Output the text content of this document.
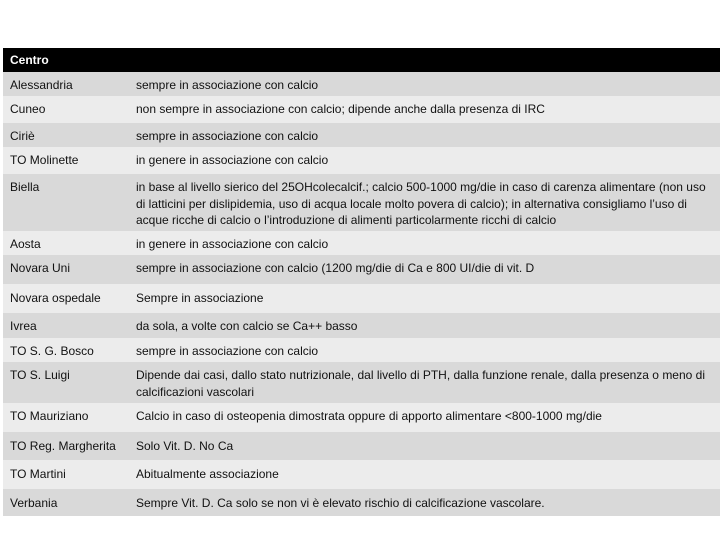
Centro
Alessandria	sempre in associazione con calcio
Cuneo	non sempre in associazione con calcio; dipende anche dalla presenza di IRC
Ciriè	sempre in associazione con calcio
TO Molinette	in genere in associazione con calcio
Biella	in base al livello sierico del 25OHcolecalcif.; calcio 500-1000 mg/die in caso di carenza alimentare (non uso di latticini per dislipidemia, uso di acqua locale molto povera di calcio); in alternativa consigliamo l’uso di acque ricche di calcio o l’introduzione di alimenti particolarmente ricchi di calcio
Aosta	in genere in associazione con calcio
Novara Uni	sempre in associazione con calcio (1200 mg/die di Ca e 800 UI/die di vit. D
Novara ospedale	Sempre in associazione
Ivrea	da sola, a volte con calcio se Ca++ basso
TO S. G. Bosco	sempre in associazione con calcio
TO S. Luigi	Dipende dai casi, dallo stato nutrizionale, dal livello di PTH, dalla funzione renale, dalla presenza o meno di calcificazioni vascolari
TO Mauriziano	Calcio in caso di osteopenia dimostrata oppure di apporto alimentare <800-1000 mg/die
TO Reg. Margherita	Solo Vit. D. No Ca
TO Martini	Abitualmente associazione
Verbania	Sempre Vit. D. Ca solo se non vi è elevato rischio di calcificazione vascolare.
